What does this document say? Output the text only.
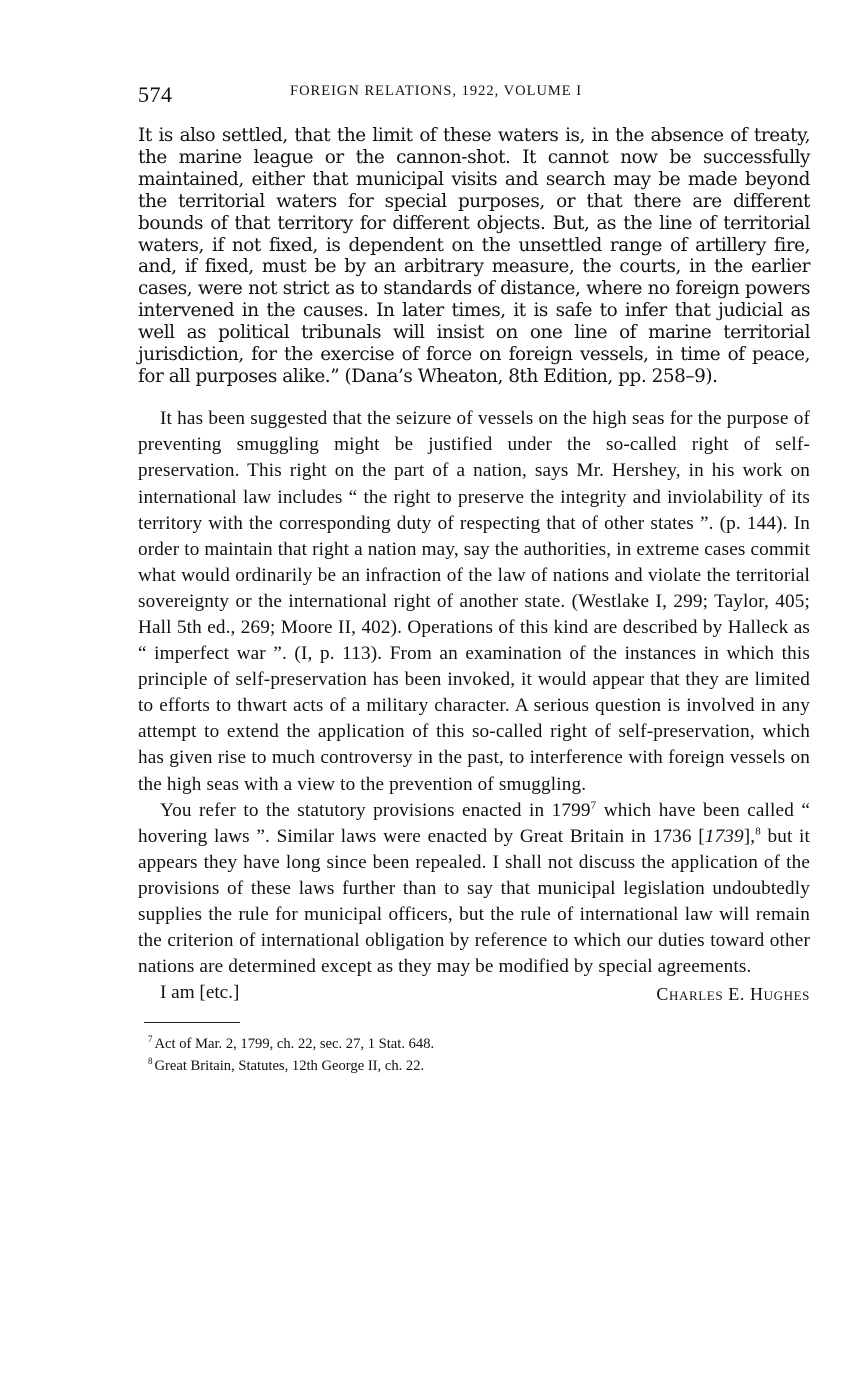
574	FOREIGN RELATIONS, 1922, VOLUME I

It is also settled, that the limit of these waters is, in the absence of treaty, the marine league or the cannon-shot. It cannot now be successfully maintained, either that municipal visits and search may be made beyond the territorial waters for special purposes, or that there are different bounds of that territory for different objects. But, as the line of territorial waters, if not fixed, is dependent on the unsettled range of artillery fire, and, if fixed, must be by an arbitrary measure, the courts, in the earlier cases, were not strict as to standards of distance, where no foreign powers intervened in the causes. In later times, it is safe to infer that judicial as well as political tribunals will insist on one line of marine territorial jurisdiction, for the exercise of force on foreign vessels, in time of peace, for all purposes alike.” (Dana’s Wheaton, 8th Edition, pp. 258–9).

It has been suggested that the seizure of vessels on the high seas for the purpose of preventing smuggling might be justified under the so-called right of self-preservation. This right on the part of a nation, says Mr. Hershey, in his work on international law includes “ the right to preserve the integrity and inviolability of its territory with the corresponding duty of respecting that of other states ”. (p. 144). In order to maintain that right a nation may, say the authorities, in extreme cases commit what would ordinarily be an infraction of the law of nations and violate the territorial sovereignty or the international right of another state. (Westlake I, 299; Taylor, 405; Hall 5th ed., 269; Moore II, 402). Operations of this kind are described by Halleck as “ imperfect war ”. (I, p. 113). From an examination of the instances in which this principle of self-preservation has been invoked, it would appear that they are limited to efforts to thwart acts of a military character. A serious question is involved in any attempt to extend the application of this so-called right of self-preservation, which has given rise to much controversy in the past, to interference with foreign vessels on the high seas with a view to the prevention of smuggling.

You refer to the statutory provisions enacted in 1799$^7$ which have been called “ hovering laws ”. Similar laws were enacted by Great Britain in 1736 [1739],$^8$ but it appears they have long since been repealed. I shall not discuss the application of the provisions of these laws further than to say that municipal legislation undoubtedly supplies the rule for municipal officers, but the rule of international law will remain the criterion of international obligation by reference to which our duties toward other nations are determined except as they may be modified by special agreements.

I am [etc.]	Charles E. Hughes

$^7$ Act of Mar. 2, 1799, ch. 22, sec. 27, 1 Stat. 648.

$^8$ Great Britain, Statutes, 12th George II, ch. 22.
